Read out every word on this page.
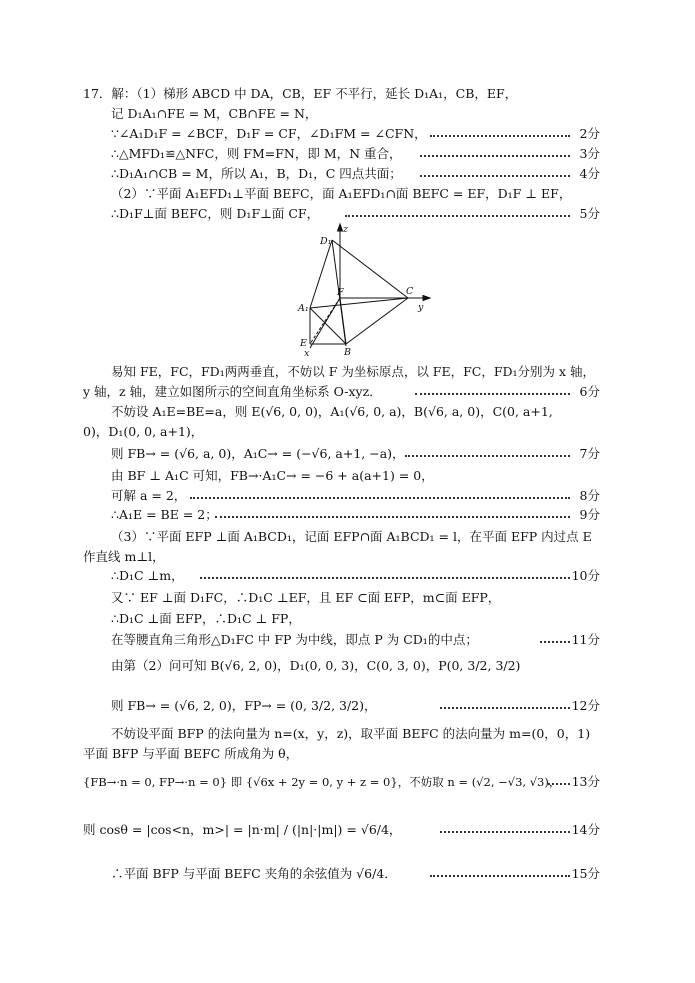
17．解：（1）梯形 ABCD 中 DA，CB，EF 不平行，延长 D₁A₁，CB，EF，
记 D₁A₁∩FE = M，CB∩FE = N，
∵∠A₁D₁F = ∠BCF，D₁F = CF，∠D₁FM = ∠CFN，	2分
∴△MFD₁≌△NFC，则 FM=FN，即 M，N 重合，	3分
∴D₁A₁∩CB = M，所以 A₁，B，D₁，C 四点共面；	4分
（2）∵平面 A₁EFD₁⊥平面 BEFC，面 A₁EFD₁∩面 BEFC = EF，D₁F ⊥ EF，
∴D₁F⊥面 BEFC，则 D₁F⊥面 CF，	5分
z
D₁
F	C
y
A₁
E
B
x
易知 FE，FC，FD₁两两垂直，不妨以 F 为坐标原点，以 FE，FC，FD₁分别为 x 轴，
y 轴，z 轴，建立如图所示的空间直角坐标系 O-xyz．	6分
不妨设 A₁E=BE=a，则 E(√6, 0, 0)，A₁(√6, 0, a)，B(√6, a, 0)，C(0, a+1,
0)，D₁(0, 0, a+1)，
则 FB→ = (√6, a, 0)，A₁C→ = (−√6, a+1, −a)，	7分
由 BF ⊥ A₁C 可知，FB→·A₁C→ = −6 + a(a+1) = 0，
可解 a = 2，	8分
∴A₁E = BE = 2；	9分
（3）∵平面 EFP ⊥面 A₁BCD₁，记面 EFP∩面 A₁BCD₁ = l，在平面 EFP 内过点 E
作直线 m⊥l，
∴D₁C ⊥m，	10分
又∵ EF ⊥面 D₁FC，∴D₁C ⊥EF，且 EF ⊂面 EFP，m⊂面 EFP，
∴D₁C ⊥面 EFP，∴D₁C ⊥ FP，
在等腰直角三角形△D₁FC 中 FP 为中线，即点 P 为 CD₁的中点；	11分
由第（2）问可知 B(√6, 2, 0)，D₁(0, 0, 3)，C(0, 3, 0)，P(0, 3/2, 3/2)
则 FB→ = (√6, 2, 0)，FP→ = (0, 3/2, 3/2)，	12分
不妨设平面 BFP 的法向量为 n=(x，y，z)，取平面 BEFC 的法向量为 m=(0，0，1)
平面 BFP 与平面 BEFC 所成角为 θ，
{FB→·n = 0, FP→·n = 0} 即 {√6x + 2y = 0, y + z = 0}，不妨取 n = (√2, −√3, √3)， 13分
则 cosθ = |cos<n，m>| = |n·m| / (|n|·|m|) = √6/4，	14分
∴平面 BFP 与平面 BEFC 夹角的余弦值为 √6/4．	15分
